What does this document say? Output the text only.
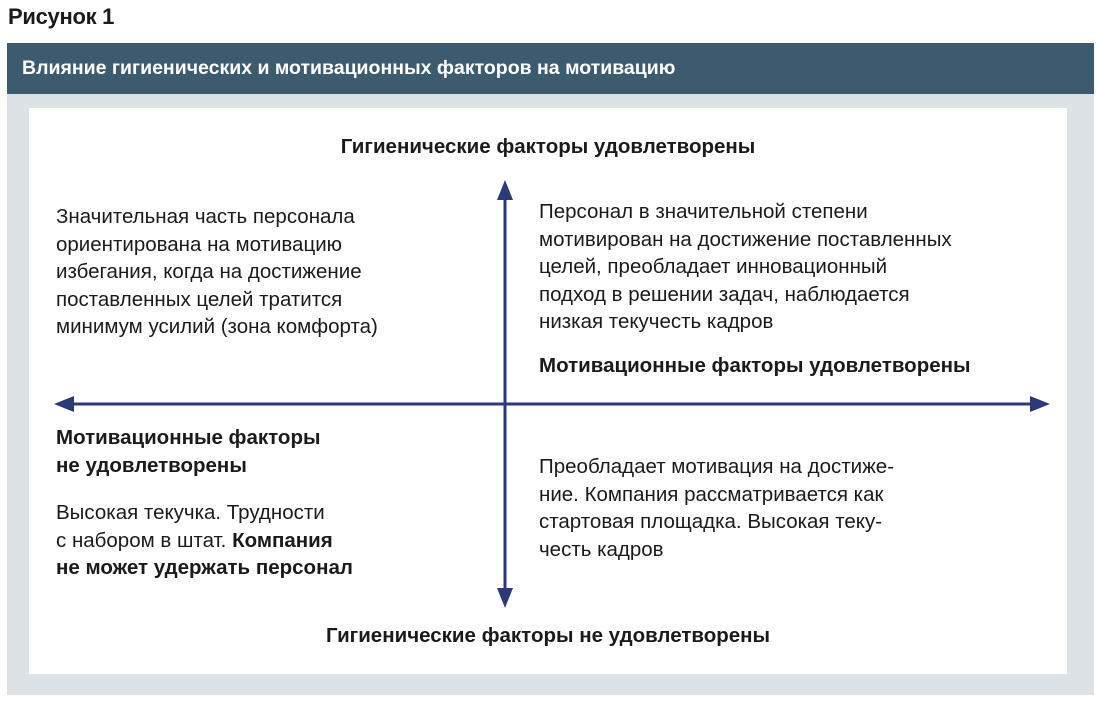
Рисунок 1
Влияние гигиенических и мотивационных факторов на мотивацию
Гигиенические факторы удовлетворены
Гигиенические факторы не удовлетворены
Мотивационные факторы удовлетворены
Мотивационные факторы
не удовлетворены
Значительная часть персонала
ориентирована на мотивацию
избегания, когда на достижение
поставленных целей тратится
минимум усилий (зона комфорта)
Персонал в значительной степени
мотивирован на достижение поставленных
целей, преобладает инновационный
подход в решении задач, наблюдается
низкая текучесть кадров
Высокая текучка. Трудности
с набором в штат. Компания
не может удержать персонал
Преобладает мотивация на достиже-
ние. Компания рассматривается как
стартовая площадка. Высокая теку-
честь кадров
